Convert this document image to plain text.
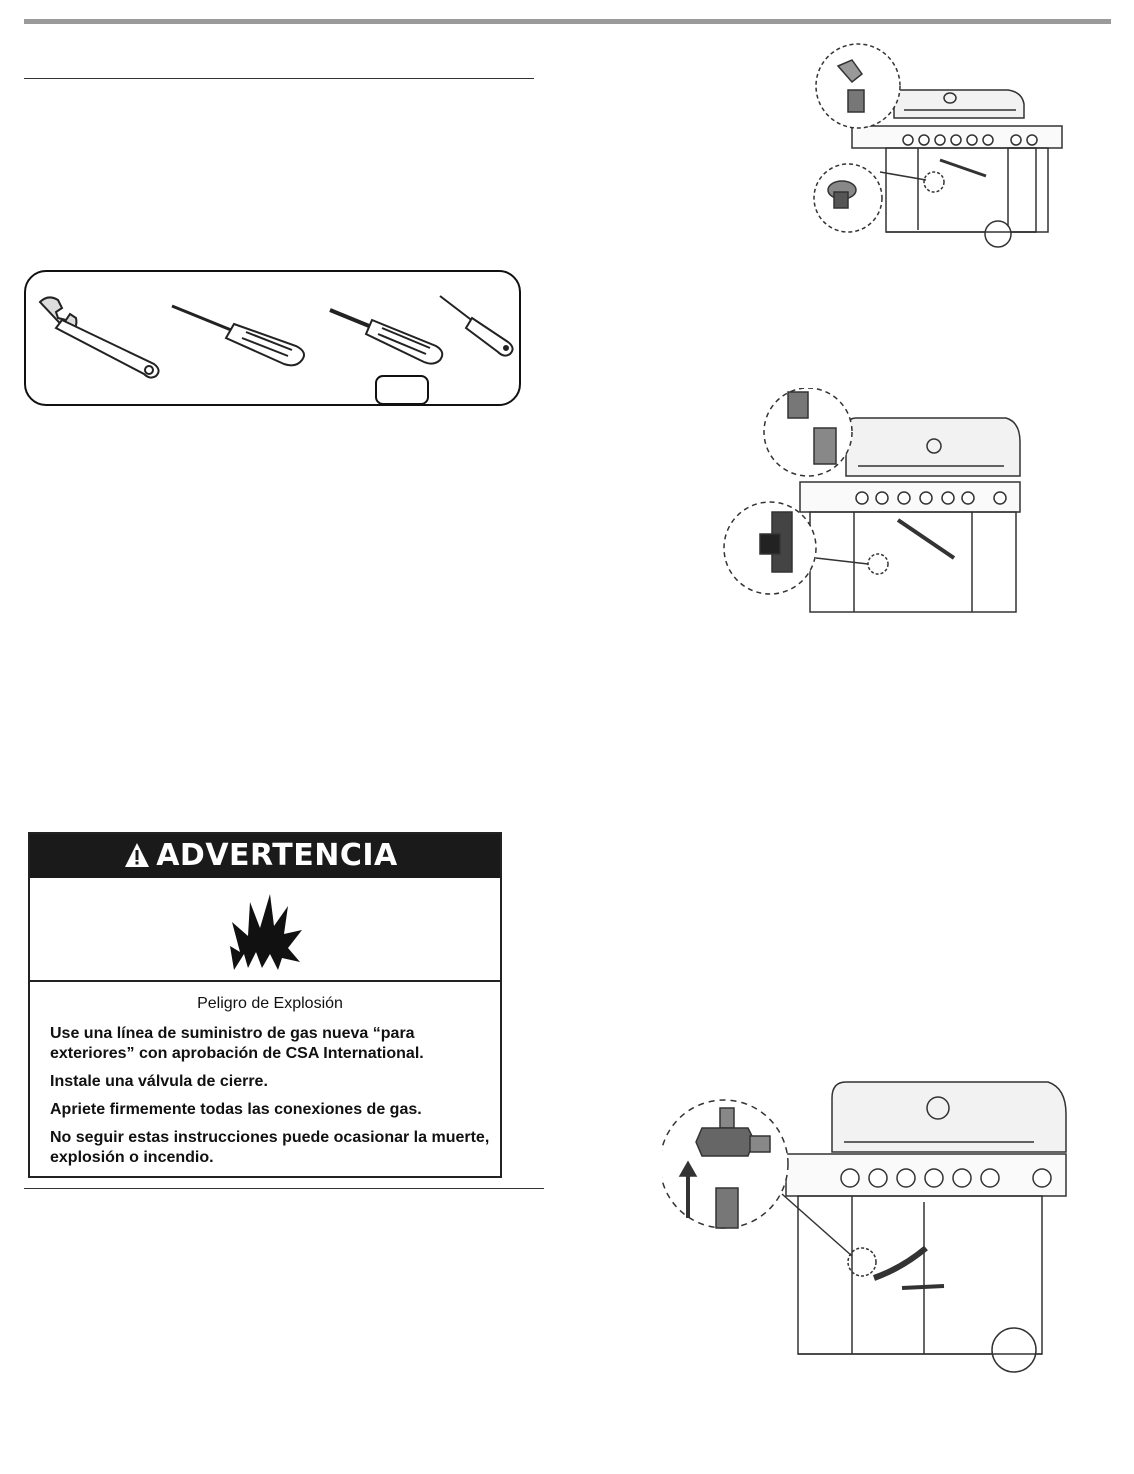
ADVERTENCIA
Peligro de Explosión

Use una línea de suministro de gas nueva “para exteriores” con aprobación de CSA International.

Instale una válvula de cierre.

Apriete firmemente todas las conexiones de gas.

No seguir estas instrucciones puede ocasionar la muerte, explosión o incendio.
